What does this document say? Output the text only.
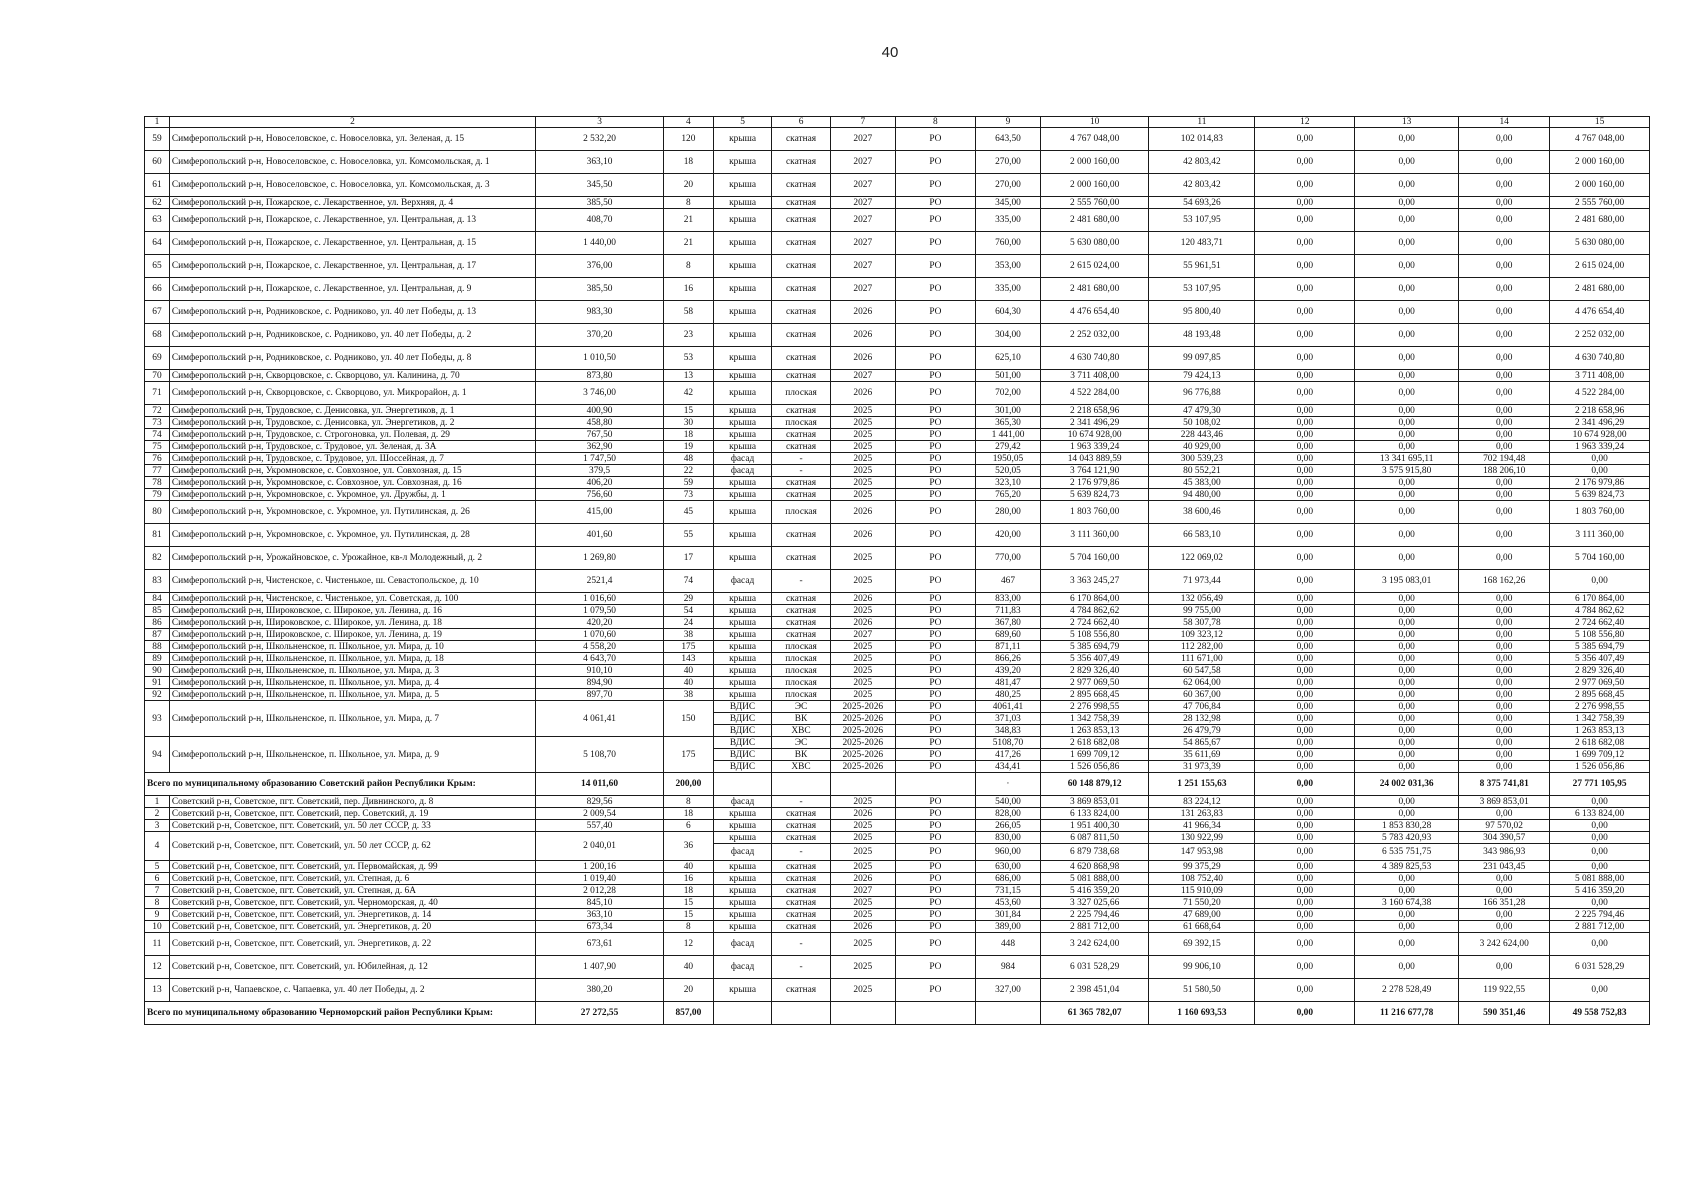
40
1	2	3	4	5	6	7	8	9	10	11	12	13	14	15
59	Симферопольский р-н, Новоселовское, с. Новоселовка, ул. Зеленая, д. 15	2 532,20	120	крыша	скатная	2027	РО	643,50	4 767 048,00	102 014,83	0,00	0,00	0,00	4 767 048,00
60	Симферопольский р-н, Новоселовское, с. Новоселовка, ул. Комсомольская, д. 1	363,10	18	крыша	скатная	2027	РО	270,00	2 000 160,00	42 803,42	0,00	0,00	0,00	2 000 160,00
61	Симферопольский р-н, Новоселовское, с. Новоселовка, ул. Комсомольская, д. 3	345,50	20	крыша	скатная	2027	РО	270,00	2 000 160,00	42 803,42	0,00	0,00	0,00	2 000 160,00
62	Симферопольский р-н, Пожарское, с. Лекарственное, ул. Верхняя, д. 4	385,50	8	крыша	скатная	2027	РО	345,00	2 555 760,00	54 693,26	0,00	0,00	0,00	2 555 760,00
63	Симферопольский р-н, Пожарское, с. Лекарственное, ул. Центральная, д. 13	408,70	21	крыша	скатная	2027	РО	335,00	2 481 680,00	53 107,95	0,00	0,00	0,00	2 481 680,00
64	Симферопольский р-н, Пожарское, с. Лекарственное, ул. Центральная, д. 15	1 440,00	21	крыша	скатная	2027	РО	760,00	5 630 080,00	120 483,71	0,00	0,00	0,00	5 630 080,00
65	Симферопольский р-н, Пожарское, с. Лекарственное, ул. Центральная, д. 17	376,00	8	крыша	скатная	2027	РО	353,00	2 615 024,00	55 961,51	0,00	0,00	0,00	2 615 024,00
66	Симферопольский р-н, Пожарское, с. Лекарственное, ул. Центральная, д. 9	385,50	16	крыша	скатная	2027	РО	335,00	2 481 680,00	53 107,95	0,00	0,00	0,00	2 481 680,00
67	Симферопольский р-н, Родниковское, с. Родниково, ул. 40 лет Победы, д. 13	983,30	58	крыша	скатная	2026	РО	604,30	4 476 654,40	95 800,40	0,00	0,00	0,00	4 476 654,40
68	Симферопольский р-н, Родниковское, с. Родниково, ул. 40 лет Победы, д. 2	370,20	23	крыша	скатная	2026	РО	304,00	2 252 032,00	48 193,48	0,00	0,00	0,00	2 252 032,00
69	Симферопольский р-н, Родниковское, с. Родниково, ул. 40 лет Победы, д. 8	1 010,50	53	крыша	скатная	2026	РО	625,10	4 630 740,80	99 097,85	0,00	0,00	0,00	4 630 740,80
70	Симферопольский р-н, Скворцовское, с. Скворцово, ул. Калинина, д. 70	873,80	13	крыша	скатная	2027	РО	501,00	3 711 408,00	79 424,13	0,00	0,00	0,00	3 711 408,00
71	Симферопольский р-н, Скворцовское, с. Скворцово, ул. Микрорайон, д. 1	3 746,00	42	крыша	плоская	2026	РО	702,00	4 522 284,00	96 776,88	0,00	0,00	0,00	4 522 284,00
72	Симферопольский р-н, Трудовское, с. Денисовка, ул. Энергетиков, д. 1	400,90	15	крыша	скатная	2025	РО	301,00	2 218 658,96	47 479,30	0,00	0,00	0,00	2 218 658,96
73	Симферопольский р-н, Трудовское, с. Денисовка, ул. Энергетиков, д. 2	458,80	30	крыша	плоская	2025	РО	365,30	2 341 496,29	50 108,02	0,00	0,00	0,00	2 341 496,29
74	Симферопольский р-н, Трудовское, с. Строгоновка, ул. Полевая, д. 29	767,50	18	крыша	скатная	2025	РО	1 441,00	10 674 928,00	228 443,46	0,00	0,00	0,00	10 674 928,00
75	Симферопольский р-н, Трудовское, с. Трудовое, ул. Зеленая, д. 3А	362,90	19	крыша	скатная	2025	РО	279,42	1 963 339,24	40 929,00	0,00	0,00	0,00	1 963 339,24
76	Симферопольский р-н, Трудовское, с. Трудовое, ул. Шоссейная, д. 7	1 747,50	48	фасад	-	2025	РО	1950,05	14 043 889,59	300 539,23	0,00	13 341 695,11	702 194,48	0,00
77	Симферопольский р-н, Укромновское, с. Совхозное, ул. Совхозная, д. 15	379,5	22	фасад	-	2025	РО	520,05	3 764 121,90	80 552,21	0,00	3 575 915,80	188 206,10	0,00
78	Симферопольский р-н, Укромновское, с. Совхозное, ул. Совхозная, д. 16	406,20	59	крыша	скатная	2025	РО	323,10	2 176 979,86	45 383,00	0,00	0,00	0,00	2 176 979,86
79	Симферопольский р-н, Укромновское, с. Укромное, ул. Дружбы, д. 1	756,60	73	крыша	скатная	2025	РО	765,20	5 639 824,73	94 480,00	0,00	0,00	0,00	5 639 824,73
80	Симферопольский р-н, Укромновское, с. Укромное, ул. Путилинская, д. 26	415,00	45	крыша	плоская	2026	РО	280,00	1 803 760,00	38 600,46	0,00	0,00	0,00	1 803 760,00
81	Симферопольский р-н, Укромновское, с. Укромное, ул. Путилинская, д. 28	401,60	55	крыша	скатная	2026	РО	420,00	3 111 360,00	66 583,10	0,00	0,00	0,00	3 111 360,00
82	Симферопольский р-н, Урожайновское, с. Урожайное, кв-л Молодежный, д. 2	1 269,80	17	крыша	скатная	2025	РО	770,00	5 704 160,00	122 069,02	0,00	0,00	0,00	5 704 160,00
83	Симферопольский р-н, Чистенское, с. Чистенькое, ш. Севастопольское, д. 10	2521,4	74	фасад	-	2025	РО	467	3 363 245,27	71 973,44	0,00	3 195 083,01	168 162,26	0,00
84	Симферопольский р-н, Чистенское, с. Чистенькое, ул. Советская, д. 100	1 016,60	29	крыша	скатная	2026	РО	833,00	6 170 864,00	132 056,49	0,00	0,00	0,00	6 170 864,00
85	Симферопольский р-н, Широковское, с. Широкое, ул. Ленина, д. 16	1 079,50	54	крыша	скатная	2025	РО	711,83	4 784 862,62	99 755,00	0,00	0,00	0,00	4 784 862,62
86	Симферопольский р-н, Широковское, с. Широкое, ул. Ленина, д. 18	420,20	24	крыша	скатная	2026	РО	367,80	2 724 662,40	58 307,78	0,00	0,00	0,00	2 724 662,40
87	Симферопольский р-н, Широковское, с. Широкое, ул. Ленина, д. 19	1 070,60	38	крыша	скатная	2027	РО	689,60	5 108 556,80	109 323,12	0,00	0,00	0,00	5 108 556,80
88	Симферопольский р-н, Школьненское, п. Школьное, ул. Мира, д. 10	4 558,20	175	крыша	плоская	2025	РО	871,11	5 385 694,79	112 282,00	0,00	0,00	0,00	5 385 694,79
89	Симферопольский р-н, Школьненское, п. Школьное, ул. Мира, д. 18	4 643,70	143	крыша	плоская	2025	РО	866,26	5 356 407,49	111 671,00	0,00	0,00	0,00	5 356 407,49
90	Симферопольский р-н, Школьненское, п. Школьное, ул. Мира, д. 3	910,10	40	крыша	плоская	2025	РО	439,20	2 829 326,40	60 547,58	0,00	0,00	0,00	2 829 326,40
91	Симферопольский р-н, Школьненское, п. Школьное, ул. Мира, д. 4	894,90	40	крыша	плоская	2025	РО	481,47	2 977 069,50	62 064,00	0,00	0,00	0,00	2 977 069,50
92	Симферопольский р-н, Школьненское, п. Школьное, ул. Мира, д. 5	897,70	38	крыша	плоская	2025	РО	480,25	2 895 668,45	60 367,00	0,00	0,00	0,00	2 895 668,45
93	Симферопольский р-н, Школьненское, п. Школьное, ул. Мира, д. 7	4 061,41	150	ВДИС	ЭС	2025-2026	РО	4061,41	2 276 998,55	47 706,84	0,00	0,00	0,00	2 276 998,55
				ВДИС	ВК	2025-2026	РО	371,03	1 342 758,39	28 132,98	0,00	0,00	0,00	1 342 758,39
				ВДИС	ХВС	2025-2026	РО	348,83	1 263 853,13	26 479,79	0,00	0,00	0,00	1 263 853,13
94	Симферопольский р-н, Школьненское, п. Школьное, ул. Мира, д. 9	5 108,70	175	ВДИС	ЭС	2025-2026	РО	5108,70	2 618 682,08	54 865,67	0,00	0,00	0,00	2 618 682,08
				ВДИС	ВК	2025-2026	РО	417,26	1 699 709,12	35 611,69	0,00	0,00	0,00	1 699 709,12
				ВДИС	ХВС	2025-2026	РО	434,41	1 526 056,86	31 973,39	0,00	0,00	0,00	1 526 056,86
Всего по муниципальному образованию Советский район Республики Крым:		14 011,60	200,00					·	60 148 879,12	1 251 155,63	0,00	24 002 031,36	8 375 741,81	27 771 105,95
1	Советский р-н, Советское, пгт. Советский, пер. Дивнинского, д. 8	829,56	8	фасад	-	2025	РО	540,00	3 869 853,01	83 224,12	0,00	0,00	3 869 853,01	0,00
2	Советский р-н, Советское, пгт. Советский, пер. Советский, д. 19	2 009,54	18	крыша	скатная	2026	РО	828,00	6 133 824,00	131 263,83	0,00	0,00	0,00	6 133 824,00
3	Советский р-н, Советское, пгт. Советский, ул. 50 лет СССР, д. 33	557,40	6	крыша	скатная	2025	РО	266,05	1 951 400,30	41 966,34	0,00	1 853 830,28	97 570,02	0,00
4	Советский р-н, Советское, пгт. Советский, ул. 50 лет СССР, д. 62	2 040,01	36	крыша	скатная	2025	РО	830,00	6 087 811,50	130 922,99	0,00	5 783 420,93	304 390,57	0,00
				фасад	-	2025	РО	960,00	6 879 738,68	147 953,98	0,00	6 535 751,75	343 986,93	0,00
5	Советский р-н, Советское, пгт. Советский, ул. Первомайская, д. 99	1 200,16	40	крыша	скатная	2025	РО	630,00	4 620 868,98	99 375,29	0,00	4 389 825,53	231 043,45	0,00
6	Советский р-н, Советское, пгт. Советский, ул. Степная, д. 6	1 019,40	16	крыша	скатная	2026	РО	686,00	5 081 888,00	108 752,40	0,00	0,00	0,00	5 081 888,00
7	Советский р-н, Советское, пгт. Советский, ул. Степная, д. 6А	2 012,28	18	крыша	скатная	2027	РО	731,15	5 416 359,20	115 910,09	0,00	0,00	0,00	5 416 359,20
8	Советский р-н, Советское, пгт. Советский, ул. Черноморская, д. 40	845,10	15	крыша	скатная	2025	РО	453,60	3 327 025,66	71 550,20	0,00	3 160 674,38	166 351,28	0,00
9	Советский р-н, Советское, пгт. Советский, ул. Энергетиков, д. 14	363,10	15	крыша	скатная	2025	РО	301,84	2 225 794,46	47 689,00	0,00	0,00	0,00	2 225 794,46
10	Советский р-н, Советское, пгт. Советский, ул. Энергетиков, д. 20	673,34	8	крыша	скатная	2026	РО	389,00	2 881 712,00	61 668,64	0,00	0,00	0,00	2 881 712,00
11	Советский р-н, Советское, пгт. Советский, ул. Энергетиков, д. 22	673,61	12	фасад	-	2025	РО	448	3 242 624,00	69 392,15	0,00	0,00	3 242 624,00	0,00
12	Советский р-н, Советское, пгт. Советский, ул. Юбилейная, д. 12	1 407,90	40	фасад	-	2025	РО	984	6 031 528,29	99 906,10	0,00	0,00	0,00	6 031 528,29
13	Советский р-н, Чапаевское, с. Чапаевка, ул. 40 лет Победы, д. 2	380,20	20	крыша	скатная	2025	РО	327,00	2 398 451,04	51 580,50	0,00	2 278 528,49	119 922,55	0,00
Всего по муниципальному образованию Черноморский район Республики Крым:		27 272,55	857,00						61 365 782,07	1 160 693,53	0,00	11 216 677,78	590 351,46	49 558 752,83
